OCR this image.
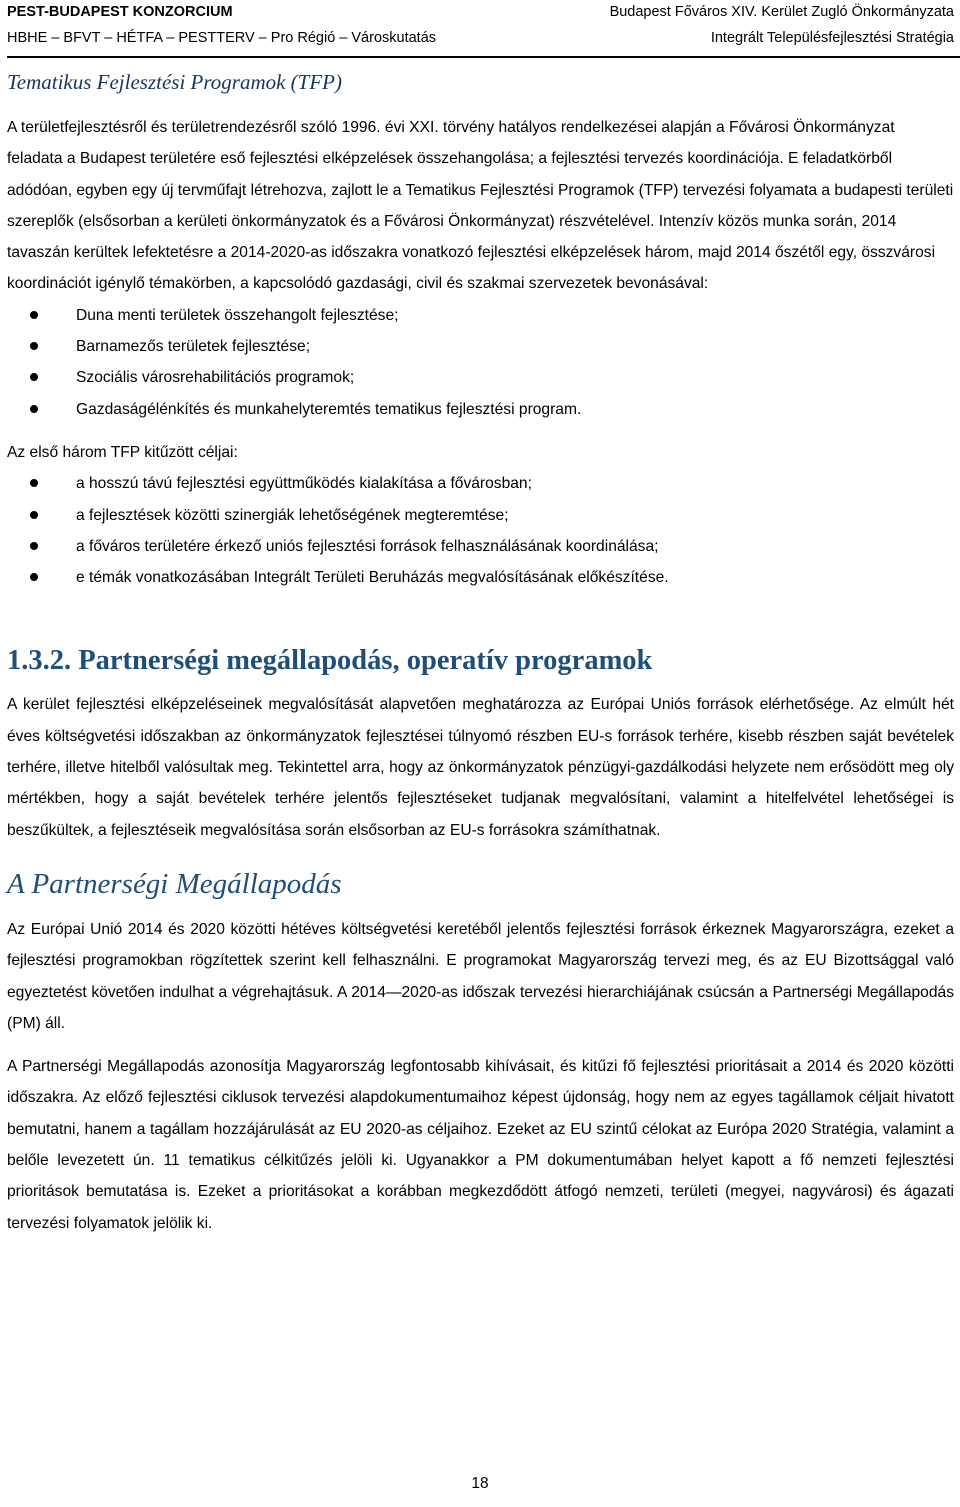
PEST-BUDAPEST KONZORCIUM	Budapest Főváros XIV. Kerület Zugló Önkormányzata
HBHE – BFVT – HÉTFA – PESTTERV – Pro Régió – Városkutatás	Integrált Településfejlesztési Stratégia
Tematikus Fejlesztési Programok (TFP)

A területfejlesztésről és területrendezésről szóló 1996. évi XXI. törvény hatályos rendelkezései alapján a Fővárosi Önkormányzat feladata a Budapest területére eső fejlesztési elképzelések összehangolása; a fejlesztési tervezés koordinációja. E feladatkörből adódóan, egyben egy új tervműfajt létrehozva, zajlott le a Tematikus Fejlesztési Programok (TFP) tervezési folyamata a budapesti területi szereplők (elsősorban a kerületi önkormányzatok és a Fővárosi Önkormányzat) részvételével. Intenzív közös munka során, 2014 tavaszán kerültek lefektetésre a 2014-2020-as időszakra vonatkozó fejlesztési elképzelések három, majd 2014 őszétől egy, összvárosi koordinációt igénylő témakörben, a kapcsolódó gazdasági, civil és szakmai szervezetek bevonásával:

Duna menti területek összehangolt fejlesztése;
Barnamezős területek fejlesztése;
Szociális városrehabilitációs programok;
Gazdaságélénkítés és munkahelyteremtés tematikus fejlesztési program.

Az első három TFP kitűzött céljai:

a hosszú távú fejlesztési együttműködés kialakítása a fővárosban;
a fejlesztések közötti szinergiák lehetőségének megteremtése;
a főváros területére érkező uniós fejlesztési források felhasználásának koordinálása;
e témák vonatkozásában Integrált Területi Beruházás megvalósításának előkészítése.
1.3.2. Partnerségi megállapodás, operatív programok

A kerület fejlesztési elképzeléseinek megvalósítását alapvetően meghatározza az Európai Uniós források elérhetősége. Az elmúlt hét éves költségvetési időszakban az önkormányzatok fejlesztései túlnyomó részben EU-s források terhére, kisebb részben saját bevételek terhére, illetve hitelből valósultak meg. Tekintettel arra, hogy az önkormányzatok pénzügyi-gazdálkodási helyzete nem erősödött meg oly mértékben, hogy a saját bevételek terhére jelentős fejlesztéseket tudjanak megvalósítani, valamint a hitelfelvétel lehetőségei is beszűkültek, a fejlesztéseik megvalósítása során elsősorban az EU-s forrásokra számíthatnak.

A Partnerségi Megállapodás

Az Európai Unió 2014 és 2020 közötti hétéves költségvetési keretéből jelentős fejlesztési források érkeznek Magyarországra, ezeket a fejlesztési programokban rögzítettek szerint kell felhasználni. E programokat Magyarország tervezi meg, és az EU Bizottsággal való egyeztetést követően indulhat a végrehajtásuk. A 2014—2020-as időszak tervezési hierarchiájának csúcsán a Partnerségi Megállapodás (PM) áll.

A Partnerségi Megállapodás azonosítja Magyarország legfontosabb kihívásait, és kitűzi fő fejlesztési prioritásait a 2014 és 2020 közötti időszakra. Az előző fejlesztési ciklusok tervezési alapdokumentumaihoz képest újdonság, hogy nem az egyes tagállamok céljait hivatott bemutatni, hanem a tagállam hozzájárulását az EU 2020-as céljaihoz. Ezeket az EU szintű célokat az Európa 2020 Stratégia, valamint a belőle levezetett ún. 11 tematikus célkitűzés jelöli ki. Ugyanakkor a PM dokumentumában helyet kapott a fő nemzeti fejlesztési prioritások bemutatása is. Ezeket a prioritásokat a korábban megkezdődött átfogó nemzeti, területi (megyei, nagyvárosi) és ágazati tervezési folyamatok jelölik ki.

18
